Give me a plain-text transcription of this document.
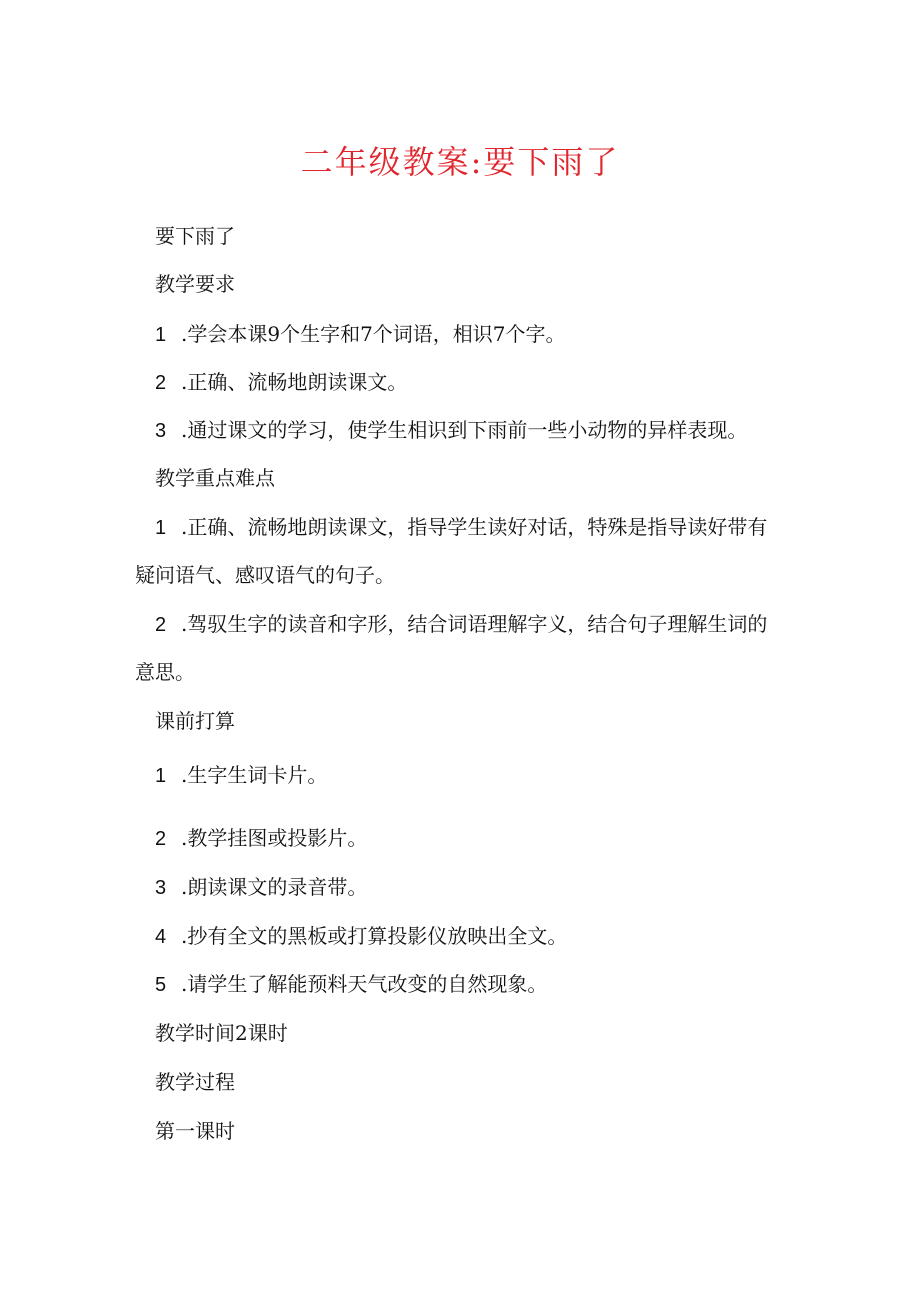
二年级教案:要下雨了

要下雨了

教学要求

1 .学会本课9个生字和7个词语，相识7个字。

2 .正确、流畅地朗读课文。

3 .通过课文的学习，使学生相识到下雨前一些小动物的异样表现。

教学重点难点

1 .正确、流畅地朗读课文，指导学生读好对话，特殊是指导读好带有

疑问语气、感叹语气的句子。

2 .驾驭生字的读音和字形，结合词语理解字义，结合句子理解生词的

意思。

课前打算

1 .生字生词卡片。

2 .教学挂图或投影片。

3 .朗读课文的录音带。

4 .抄有全文的黑板或打算投影仪放映出全文。

5 .请学生了解能预料天气改变的自然现象。

教学时间2课时

教学过程

第一课时
